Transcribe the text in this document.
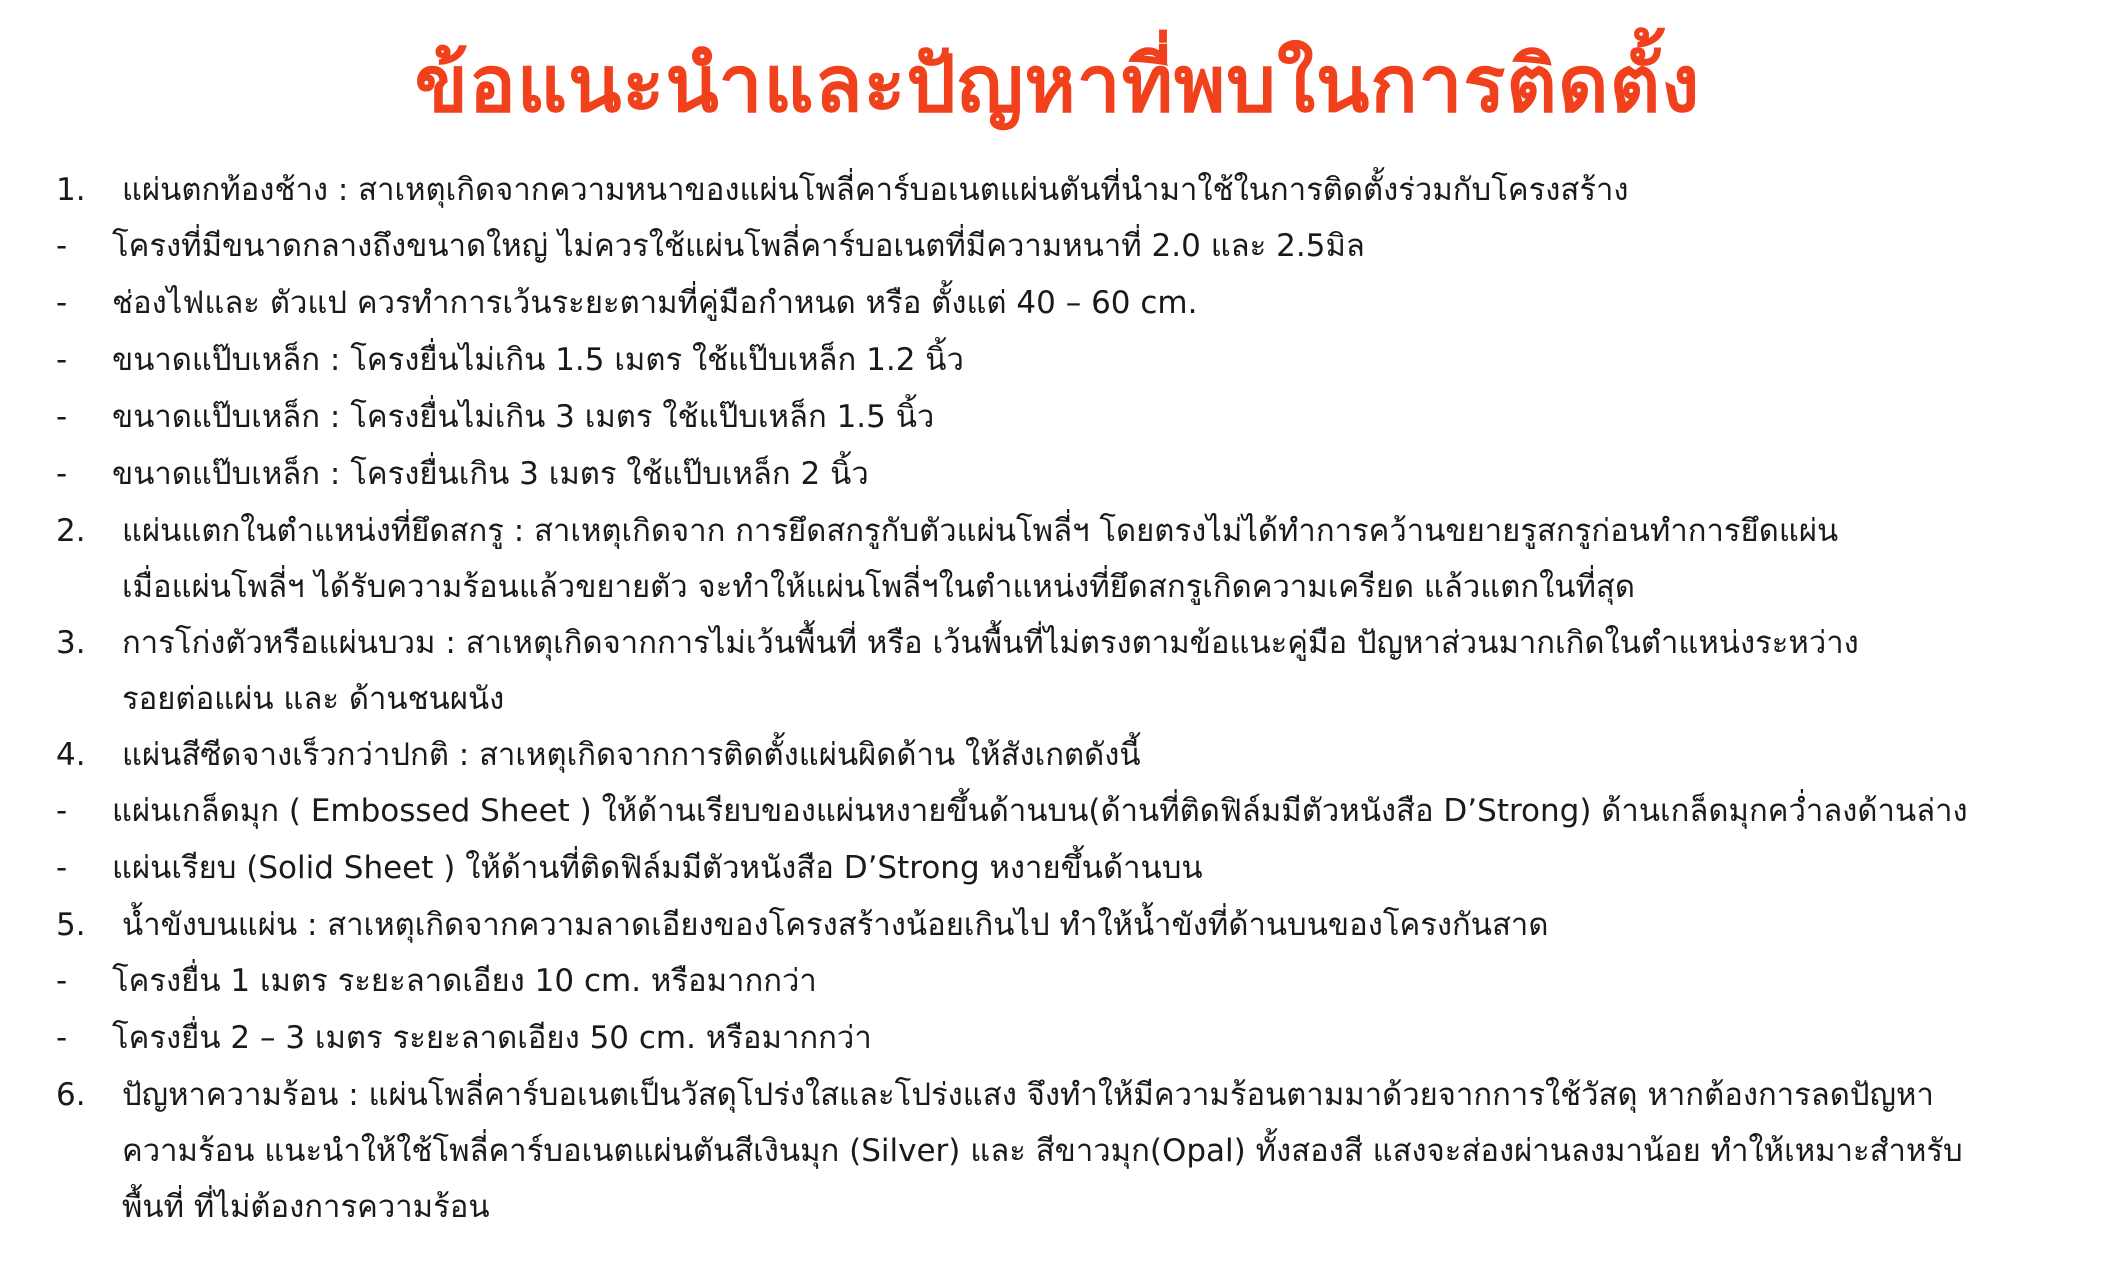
ข้อแนะนำและปัญหาที่พบในการติดตั้ง
1.	แผ่นตกท้องช้าง : สาเหตุเกิดจากความหนาของแผ่นโพลี่คาร์บอเนตแผ่นตันที่นำมาใช้ในการติดตั้งร่วมกับโครงสร้าง
-	โครงที่มีขนาดกลางถึงขนาดใหญ่ ไม่ควรใช้แผ่นโพลี่คาร์บอเนตที่มีความหนาที่ 2.0 และ 2.5มิล
-	ช่องไฟและ ตัวแป ควรทำการเว้นระยะตามที่คู่มือกำหนด หรือ ตั้งแต่ 40 – 60 cm.
-	ขนาดแป๊บเหล็ก : โครงยื่นไม่เกิน 1.5 เมตร ใช้แป๊บเหล็ก 1.2 นิ้ว
-	ขนาดแป๊บเหล็ก : โครงยื่นไม่เกิน 3 เมตร ใช้แป๊บเหล็ก 1.5 นิ้ว
-	ขนาดแป๊บเหล็ก : โครงยื่นเกิน 3 เมตร ใช้แป๊บเหล็ก 2 นิ้ว
2.	แผ่นแตกในตำแหน่งที่ยึดสกรู : สาเหตุเกิดจาก การยึดสกรูกับตัวแผ่นโพลี่ฯ โดยตรงไม่ได้ทำการคว้านขยายรูสกรูก่อนทำการยึดแผ่น
เมื่อแผ่นโพลี่ฯ ได้รับความร้อนแล้วขยายตัว จะทำให้แผ่นโพลี่ฯในตำแหน่งที่ยึดสกรูเกิดความเครียด แล้วแตกในที่สุด
3.	การโก่งตัวหรือแผ่นบวม : สาเหตุเกิดจากการไม่เว้นพื้นที่ หรือ เว้นพื้นที่ไม่ตรงตามข้อแนะคู่มือ ปัญหาส่วนมากเกิดในตำแหน่งระหว่าง
รอยต่อแผ่น และ ด้านชนผนัง
4.	แผ่นสีซีดจางเร็วกว่าปกติ : สาเหตุเกิดจากการติดตั้งแผ่นผิดด้าน ให้สังเกตดังนี้
-	แผ่นเกล็ดมุก ( Embossed Sheet ) ให้ด้านเรียบของแผ่นหงายขึ้นด้านบน(ด้านที่ติดฟิล์มมีตัวหนังสือ D’Strong) ด้านเกล็ดมุกคว่ำลงด้านล่าง
-	แผ่นเรียบ (Solid Sheet ) ให้ด้านที่ติดฟิล์มมีตัวหนังสือ D’Strong หงายขึ้นด้านบน
5.	น้ำขังบนแผ่น : สาเหตุเกิดจากความลาดเอียงของโครงสร้างน้อยเกินไป ทำให้น้ำขังที่ด้านบนของโครงกันสาด
-	โครงยื่น 1 เมตร ระยะลาดเอียง 10 cm. หรือมากกว่า
-	โครงยื่น 2 – 3 เมตร ระยะลาดเอียง 50 cm. หรือมากกว่า
6.	ปัญหาความร้อน : แผ่นโพลี่คาร์บอเนตเป็นวัสดุโปร่งใสและโปร่งแสง จึงทำให้มีความร้อนตามมาด้วยจากการใช้วัสดุ หากต้องการลดปัญหา
ความร้อน แนะนำให้ใช้โพลี่คาร์บอเนตแผ่นตันสีเงินมุก (Silver) และ สีขาวมุก(Opal) ทั้งสองสี แสงจะส่องผ่านลงมาน้อย ทำให้เหมาะสำหรับ
พื้นที่ ที่ไม่ต้องการความร้อน
